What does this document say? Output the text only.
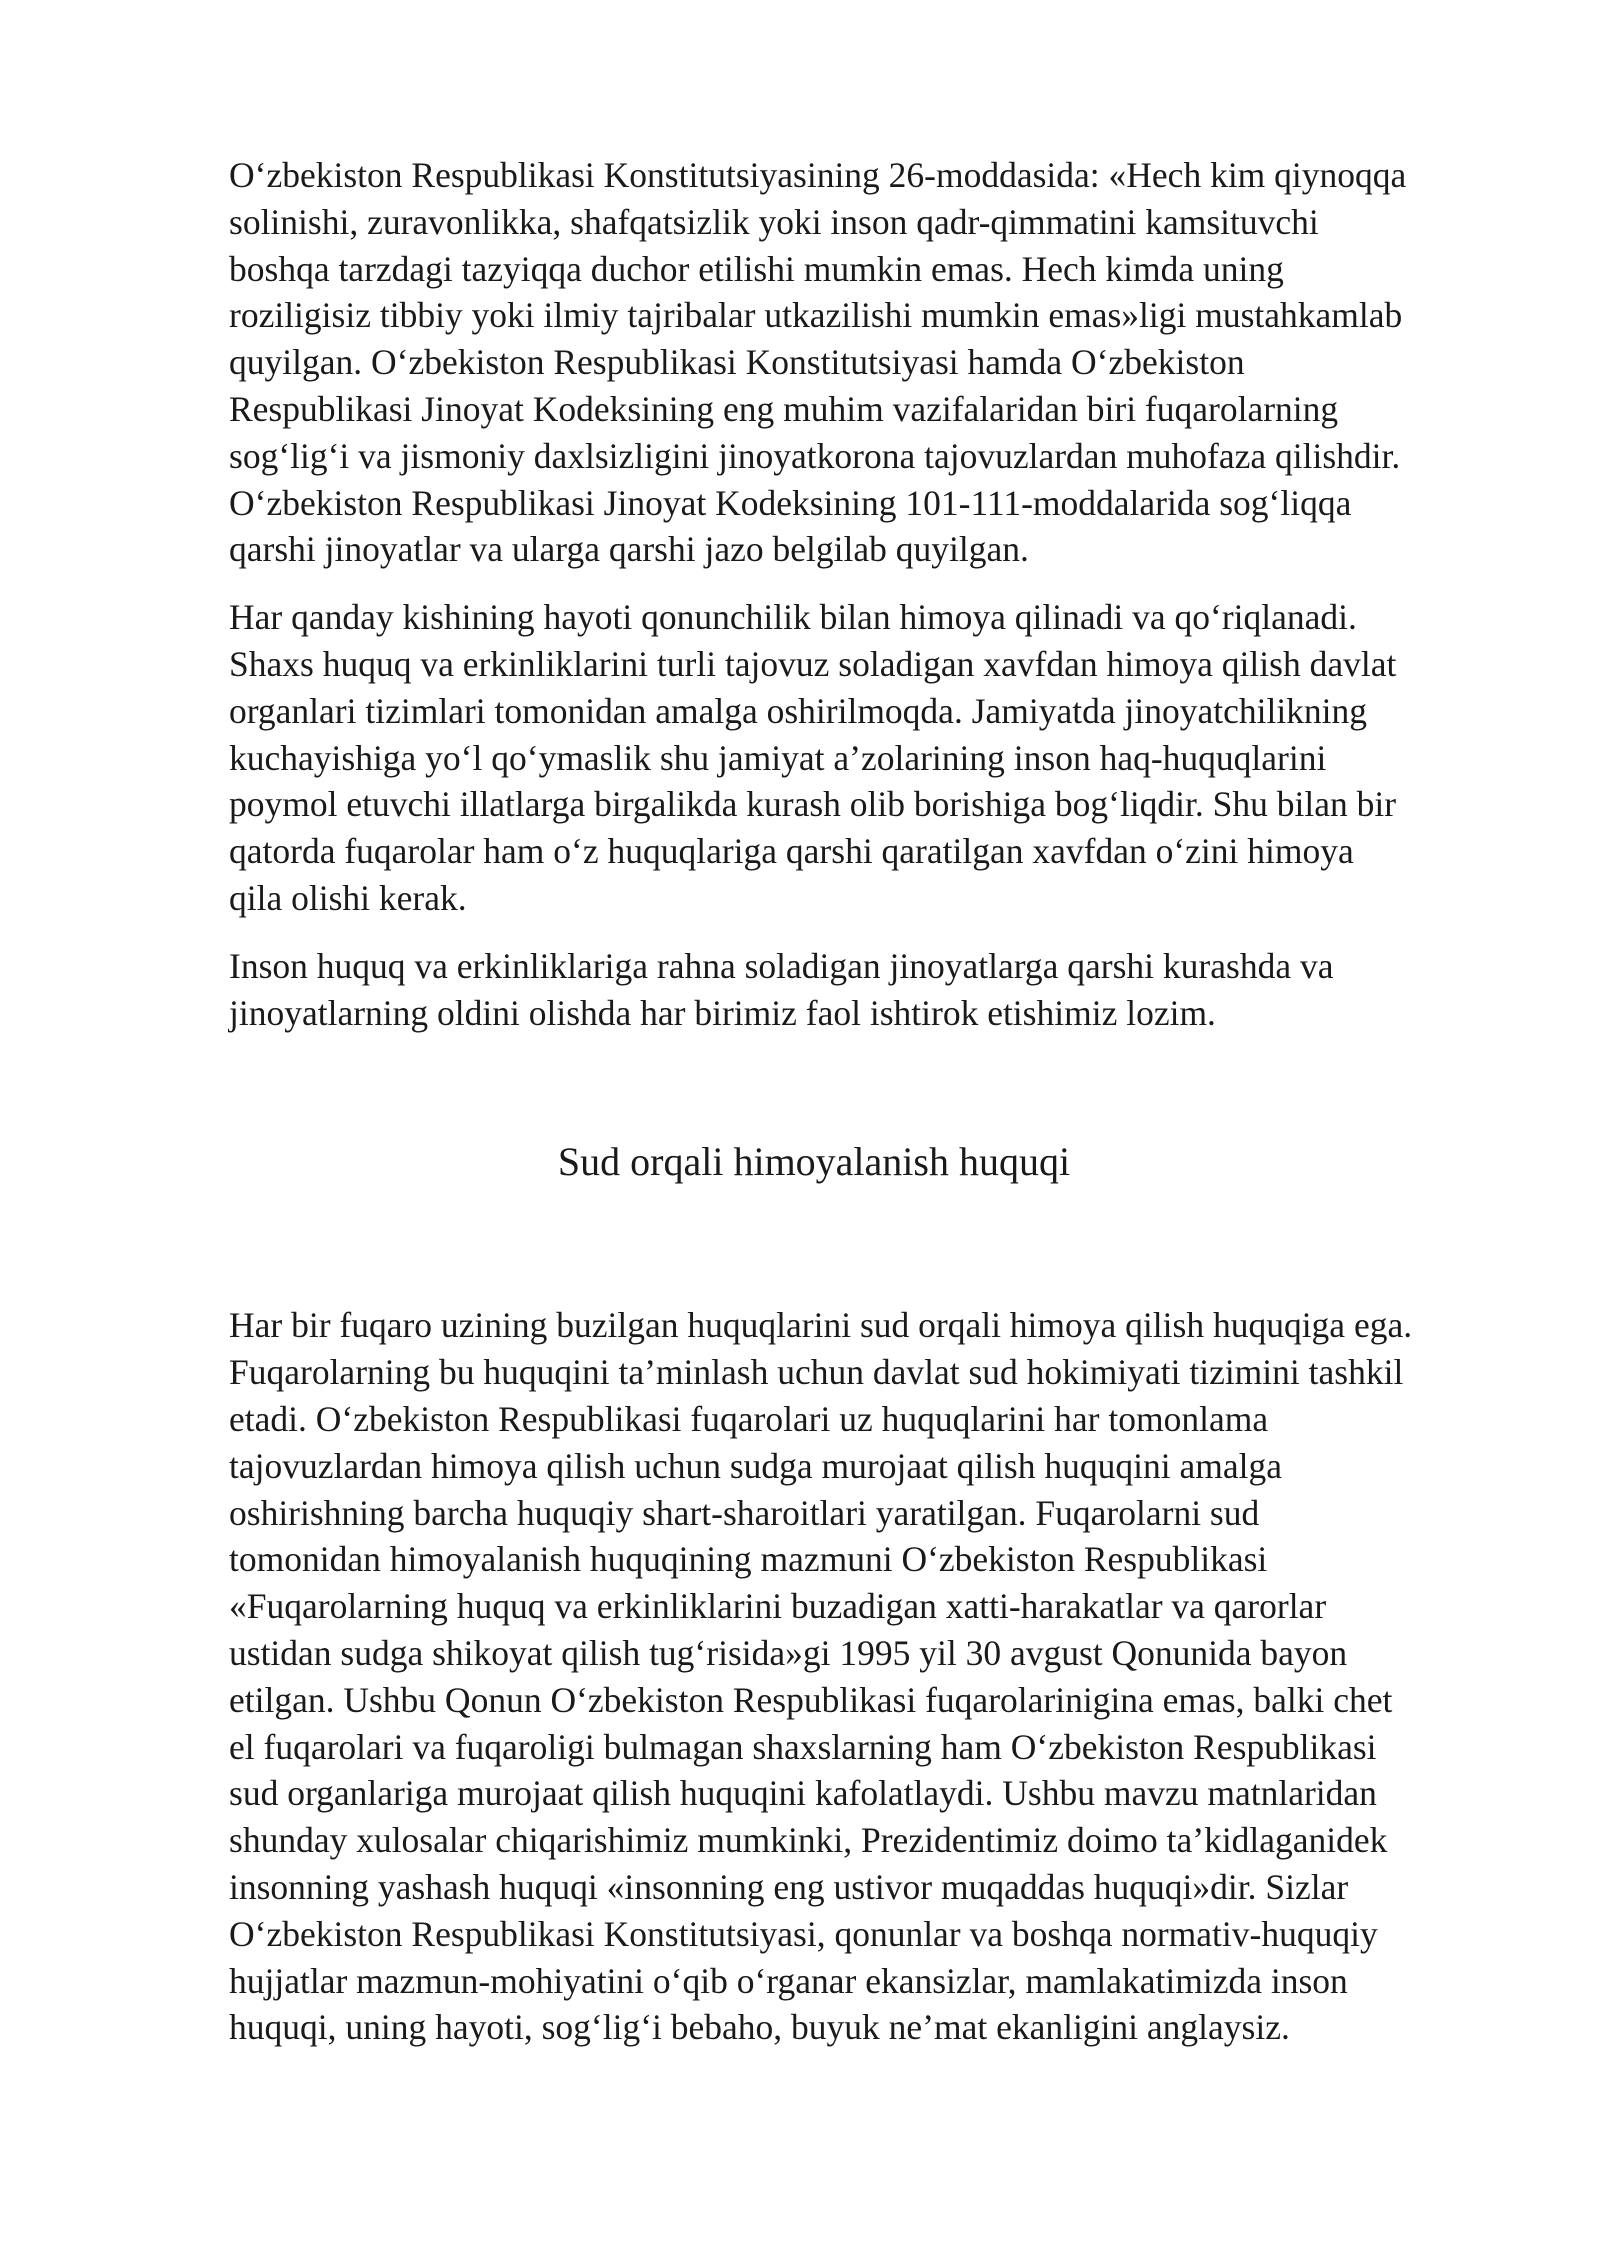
O‘zbekiston Respublikasi Konstitutsiyasining 26-moddasida: «Hech kim qiynoqqa
solinishi, zuravonlikka, shafqatsizlik yoki inson qadr-qimmatini kamsituvchi
boshqa tarzdagi tazyiqqa duchor etilishi mumkin emas. Hech kimda uning
roziligisiz tibbiy yoki ilmiy tajribalar utkazilishi mumkin emas»ligi mustahkamlab
quyilgan. O‘zbekiston Respublikasi Konstitutsiyasi hamda O‘zbekiston
Respublikasi Jinoyat Kodeksining eng muhim vazifalaridan biri fuqarolarning
sog‘lig‘i va jismoniy daxlsizligini jinoyatkorona tajovuzlardan muhofaza qilishdir.
O‘zbekiston Respublikasi Jinoyat Kodeksining 101-111-moddalarida sog‘liqqa
qarshi jinoyatlar va ularga qarshi jazo belgilab quyilgan.

Har qanday kishining hayoti qonunchilik bilan himoya qilinadi va qo‘riqlanadi.
Shaxs huquq va erkinliklarini turli tajovuz soladigan xavfdan himoya qilish davlat
organlari tizimlari tomonidan amalga oshirilmoqda. Jamiyatda jinoyatchilikning
kuchayishiga yo‘l qo‘ymaslik shu jamiyat a’zolarining inson haq-huquqlarini
poymol etuvchi illatlarga birgalikda kurash olib borishiga bog‘liqdir. Shu bilan bir
qatorda fuqarolar ham o‘z huquqlariga qarshi qaratilgan xavfdan o‘zini himoya
qila olishi kerak.

Inson huquq va erkinliklariga rahna soladigan jinoyatlarga qarshi kurashda va
jinoyatlarning oldini olishda har birimiz faol ishtirok etishimiz lozim.

Sud orqali himoyalanish huquqi

Har bir fuqaro uzining buzilgan huquqlarini sud orqali himoya qilish huquqiga ega.
Fuqarolarning bu huquqini ta’minlash uchun davlat sud hokimiyati tizimini tashkil
etadi. O‘zbekiston Respublikasi fuqarolari uz huquqlarini har tomonlama
tajovuzlardan himoya qilish uchun sudga murojaat qilish huquqini amalga
oshirishning barcha huquqiy shart-sharoitlari yaratilgan. Fuqarolarni sud
tomonidan himoyalanish huquqining mazmuni O‘zbekiston Respublikasi
«Fuqarolarning huquq va erkinliklarini buzadigan xatti-harakatlar va qarorlar
ustidan sudga shikoyat qilish tug‘risida»gi 1995 yil 30 avgust Qonunida bayon
etilgan. Ushbu Qonun O‘zbekiston Respublikasi fuqarolariniginа emas, balki chet
el fuqarolari va fuqaroligi bulmagan shaxslarning ham O‘zbekiston Respublikasi
sud organlariga murojaat qilish huquqini kafolatlaydi. Ushbu mavzu matnlaridan
shunday xulosalar chiqarishimiz mumkinki, Prezidentimiz doimo ta’kidlaganidek
insonning yashash huquqi «insonning eng ustivor muqaddas huquqi»dir. Sizlar
O‘zbekiston Respublikasi Konstitutsiyasi, qonunlar va boshqa normativ-huquqiy
hujjatlar mazmun-mohiyatini o‘qib o‘rganar ekansizlar, mamlakatimizda inson
huquqi, uning hayoti, sog‘lig‘i bebaho, buyuk ne’mat ekanligini anglaysiz.
